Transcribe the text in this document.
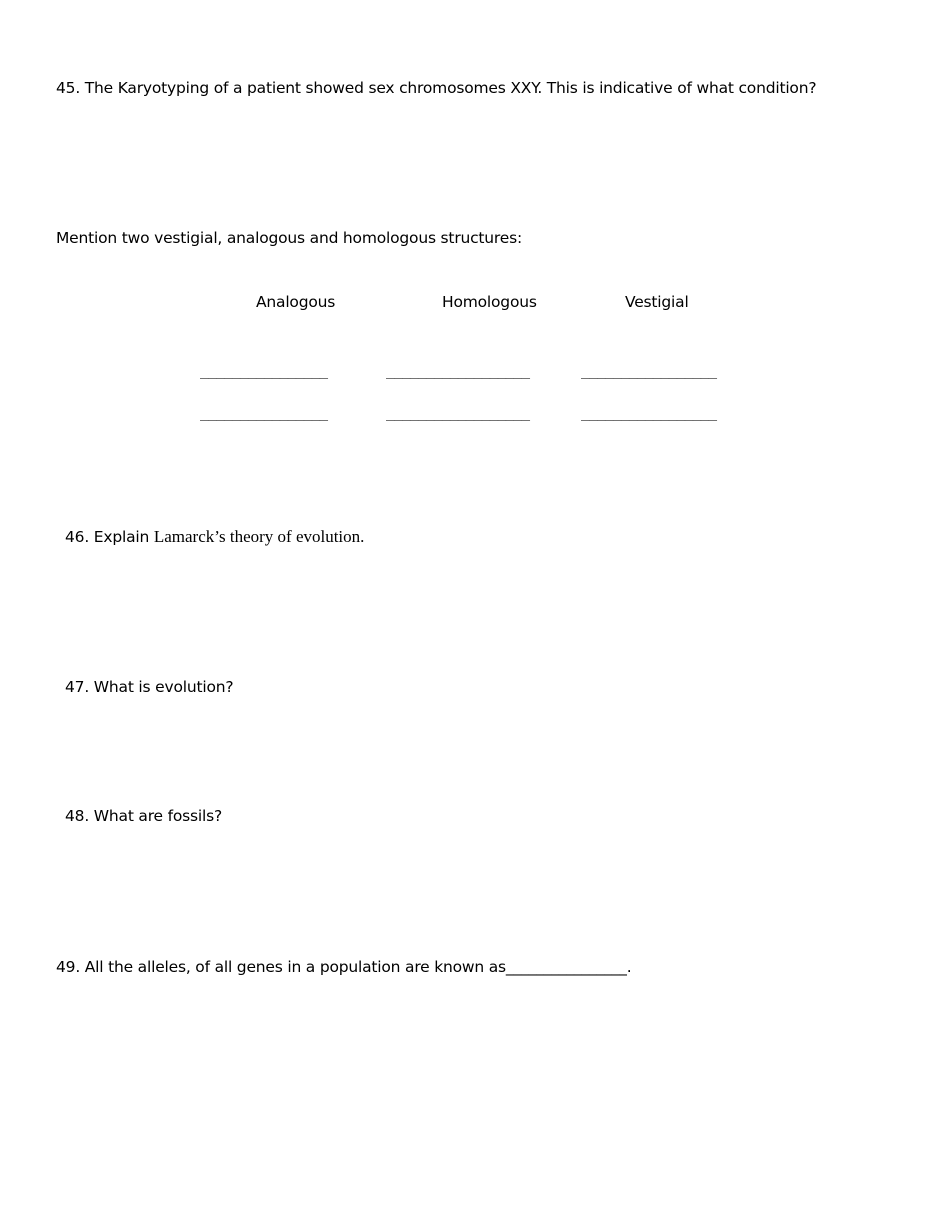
45. The Karyotyping of a patient showed sex chromosomes XXY. This is indicative of what condition?
Mention two vestigial, analogous and homologous structures:
Analogous	Homologous	Vestigial
________________	__________________	_________________
________________	__________________	_________________
46. Explain Lamarck’s theory of evolution.
47. What is evolution?
48. What are fossils?
49. All the alleles, of all genes in a population are known as________________.
